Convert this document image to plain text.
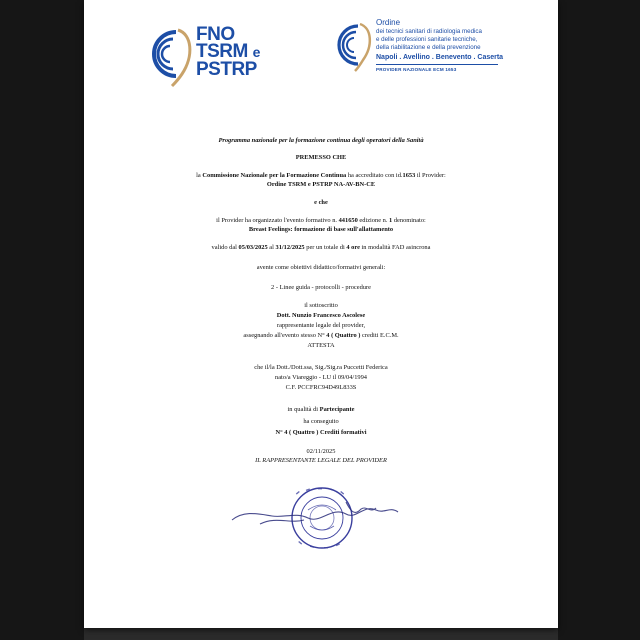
FNO
TSRM e
PSTRP
Ordine
dei tecnici sanitari di radiologia medica
e delle professioni sanitarie tecniche,
della riabilitazione e della prevenzione
Napoli . Avellino . Benevento . Caserta
PROVIDER NAZIONALE ECM 1653
Programma nazionale per la formazione continua degli operatori della Sanità
PREMESSO CHE
la Commissione Nazionale per la Formazione Continua ha accreditato con id.1653 il Provider:
Ordine TSRM e PSTRP NA-AV-BN-CE
e che
il Provider ha organizzato l'evento formativo n. 441650 edizione n. 1 denominato:
Breast Feelings: formazione di base sull'allattamento
valido dal 05/03/2025 al 31/12/2025 per un totale di 4 ore in modalità FAD asincrona
avente come obiettivi didattico/formativi generali:
2 - Linee guida - protocolli - procedure
il sottoscritto
Dott. Nunzio Francesco Ascolese
rappresentante legale del provider,
assegnando all'evento stesso N° 4 ( Quattro ) crediti E.C.M.
ATTESTA
che il/la Dott./Dott.ssa, Sig./Sig.ra Puccetti Federica
nato/a Viareggio - LU il 09/04/1994
C.F. PCCFRC94D49L833S
in qualità di Partecipante
ha conseguito
N° 4 ( Quattro ) Crediti formativi
02/11/2025
IL RAPPRESENTANTE LEGALE DEL PROVIDER
